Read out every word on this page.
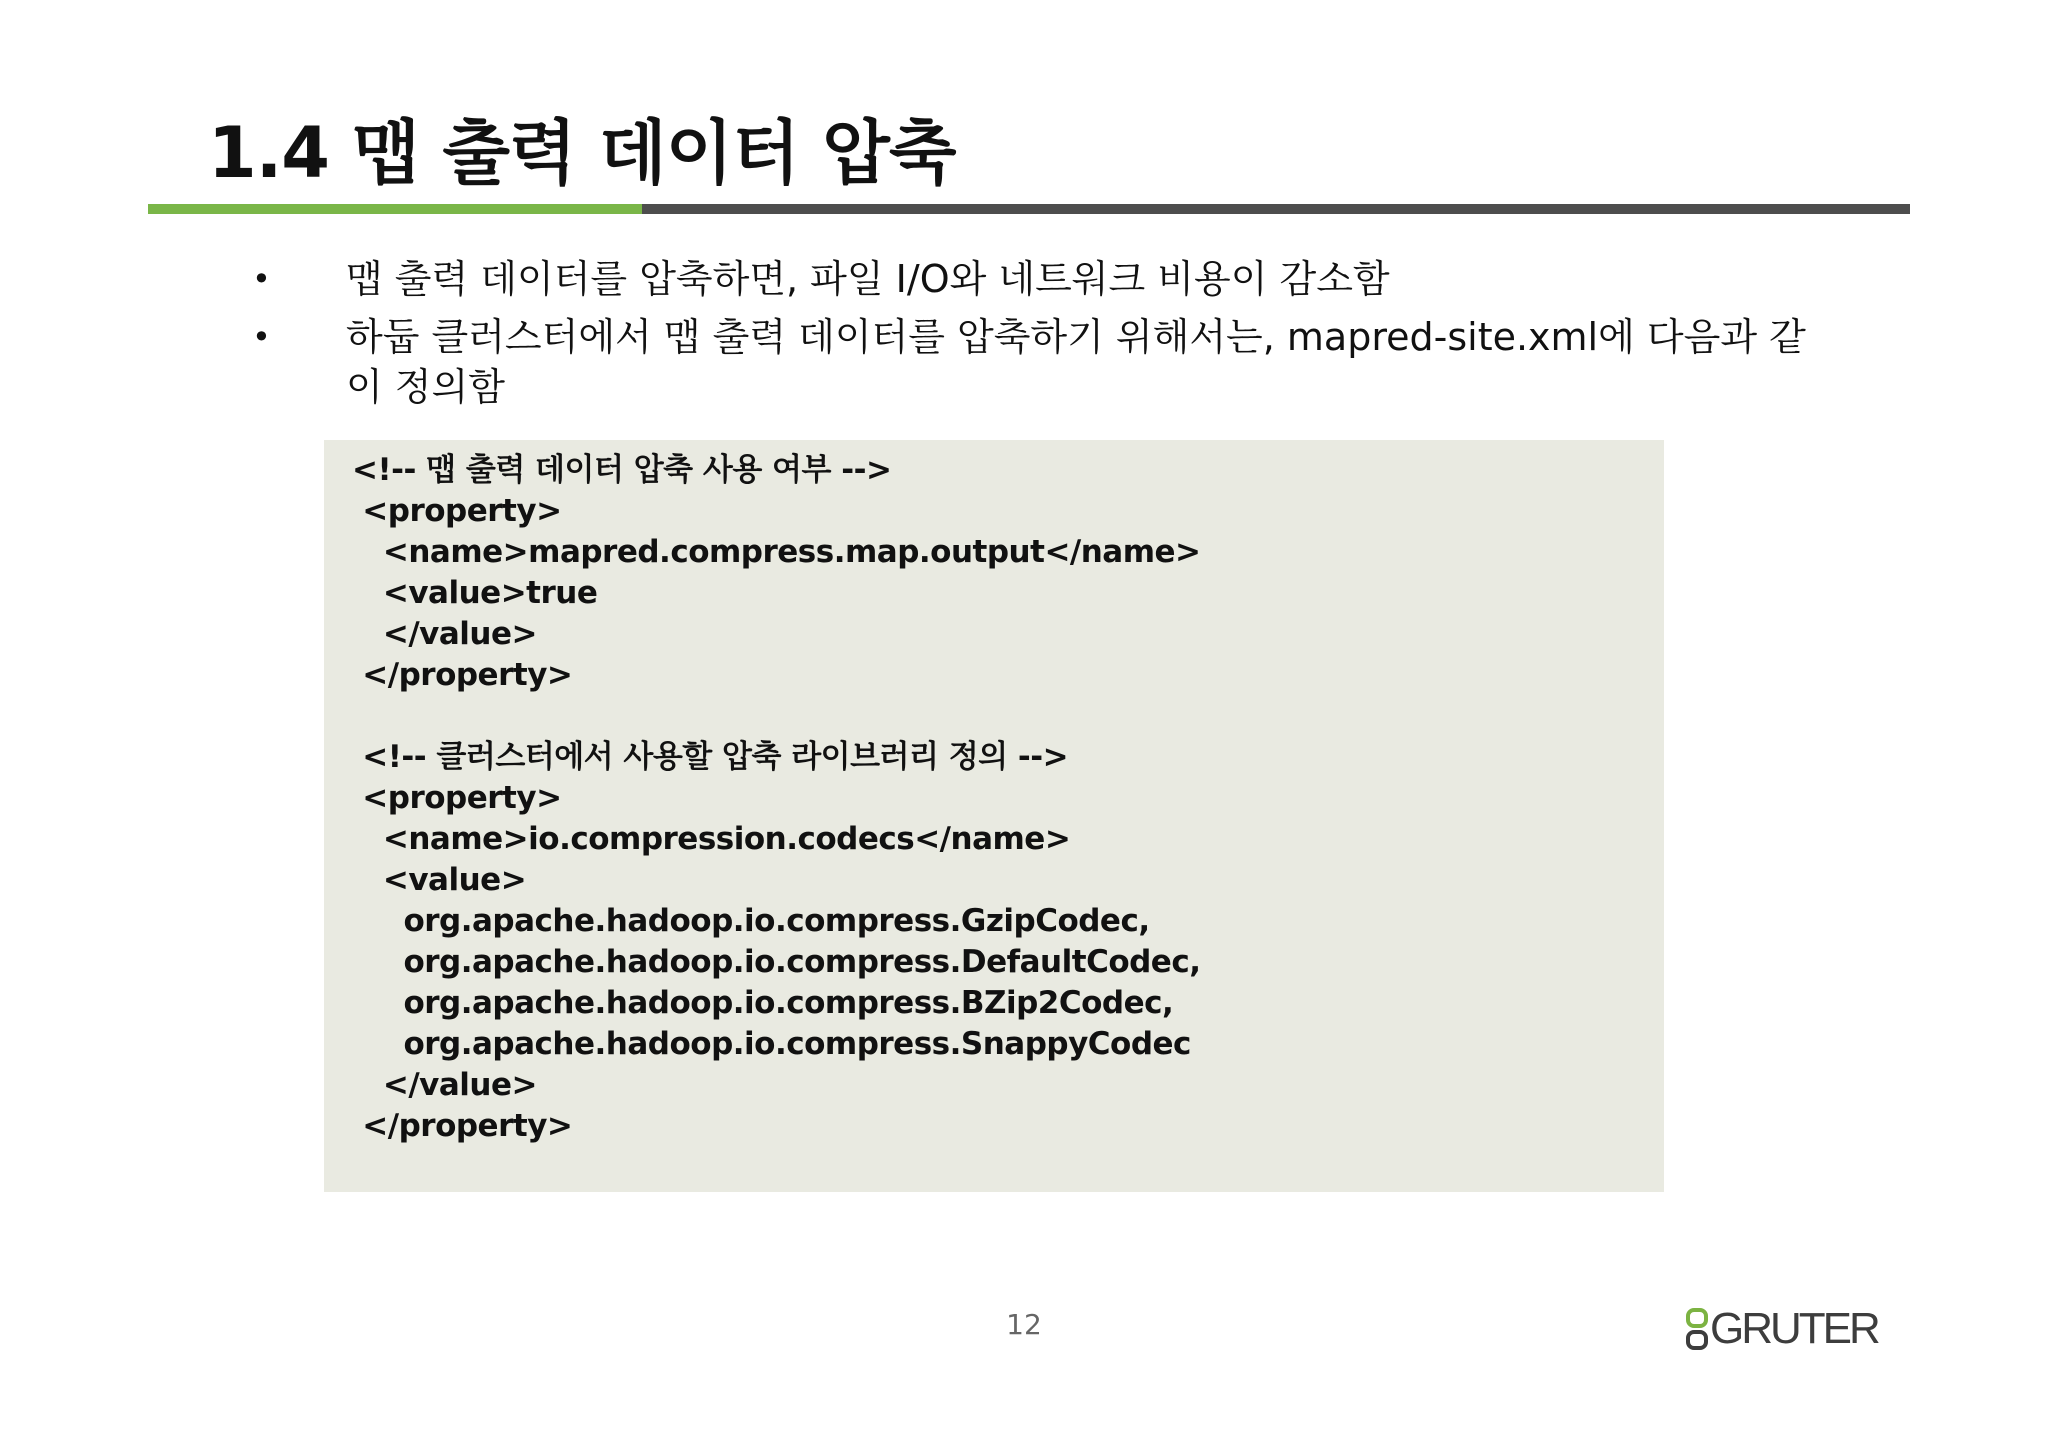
1.4 맵 출력 데이터 압축
• 맵 출력 데이터를 압축하면, 파일 I/O와 네트워크 비용이 감소함
• 하둡 클러스터에서 맵 출력 데이터를 압축하기 위해서는, mapred-site.xml에 다음과 같이 정의함
<!-- 맵 출력 데이터 압축 사용 여부 -->
<property>
<name>mapred.compress.map.output</name>
<value>true
</value>
</property>
<!-- 클러스터에서 사용할 압축 라이브러리 정의 -->
<property>
<name>io.compression.codecs</name>
<value>
org.apache.hadoop.io.compress.GzipCodec,
org.apache.hadoop.io.compress.DefaultCodec,
org.apache.hadoop.io.compress.BZip2Codec,
org.apache.hadoop.io.compress.SnappyCodec
</value>
</property>
12	GRUTER
